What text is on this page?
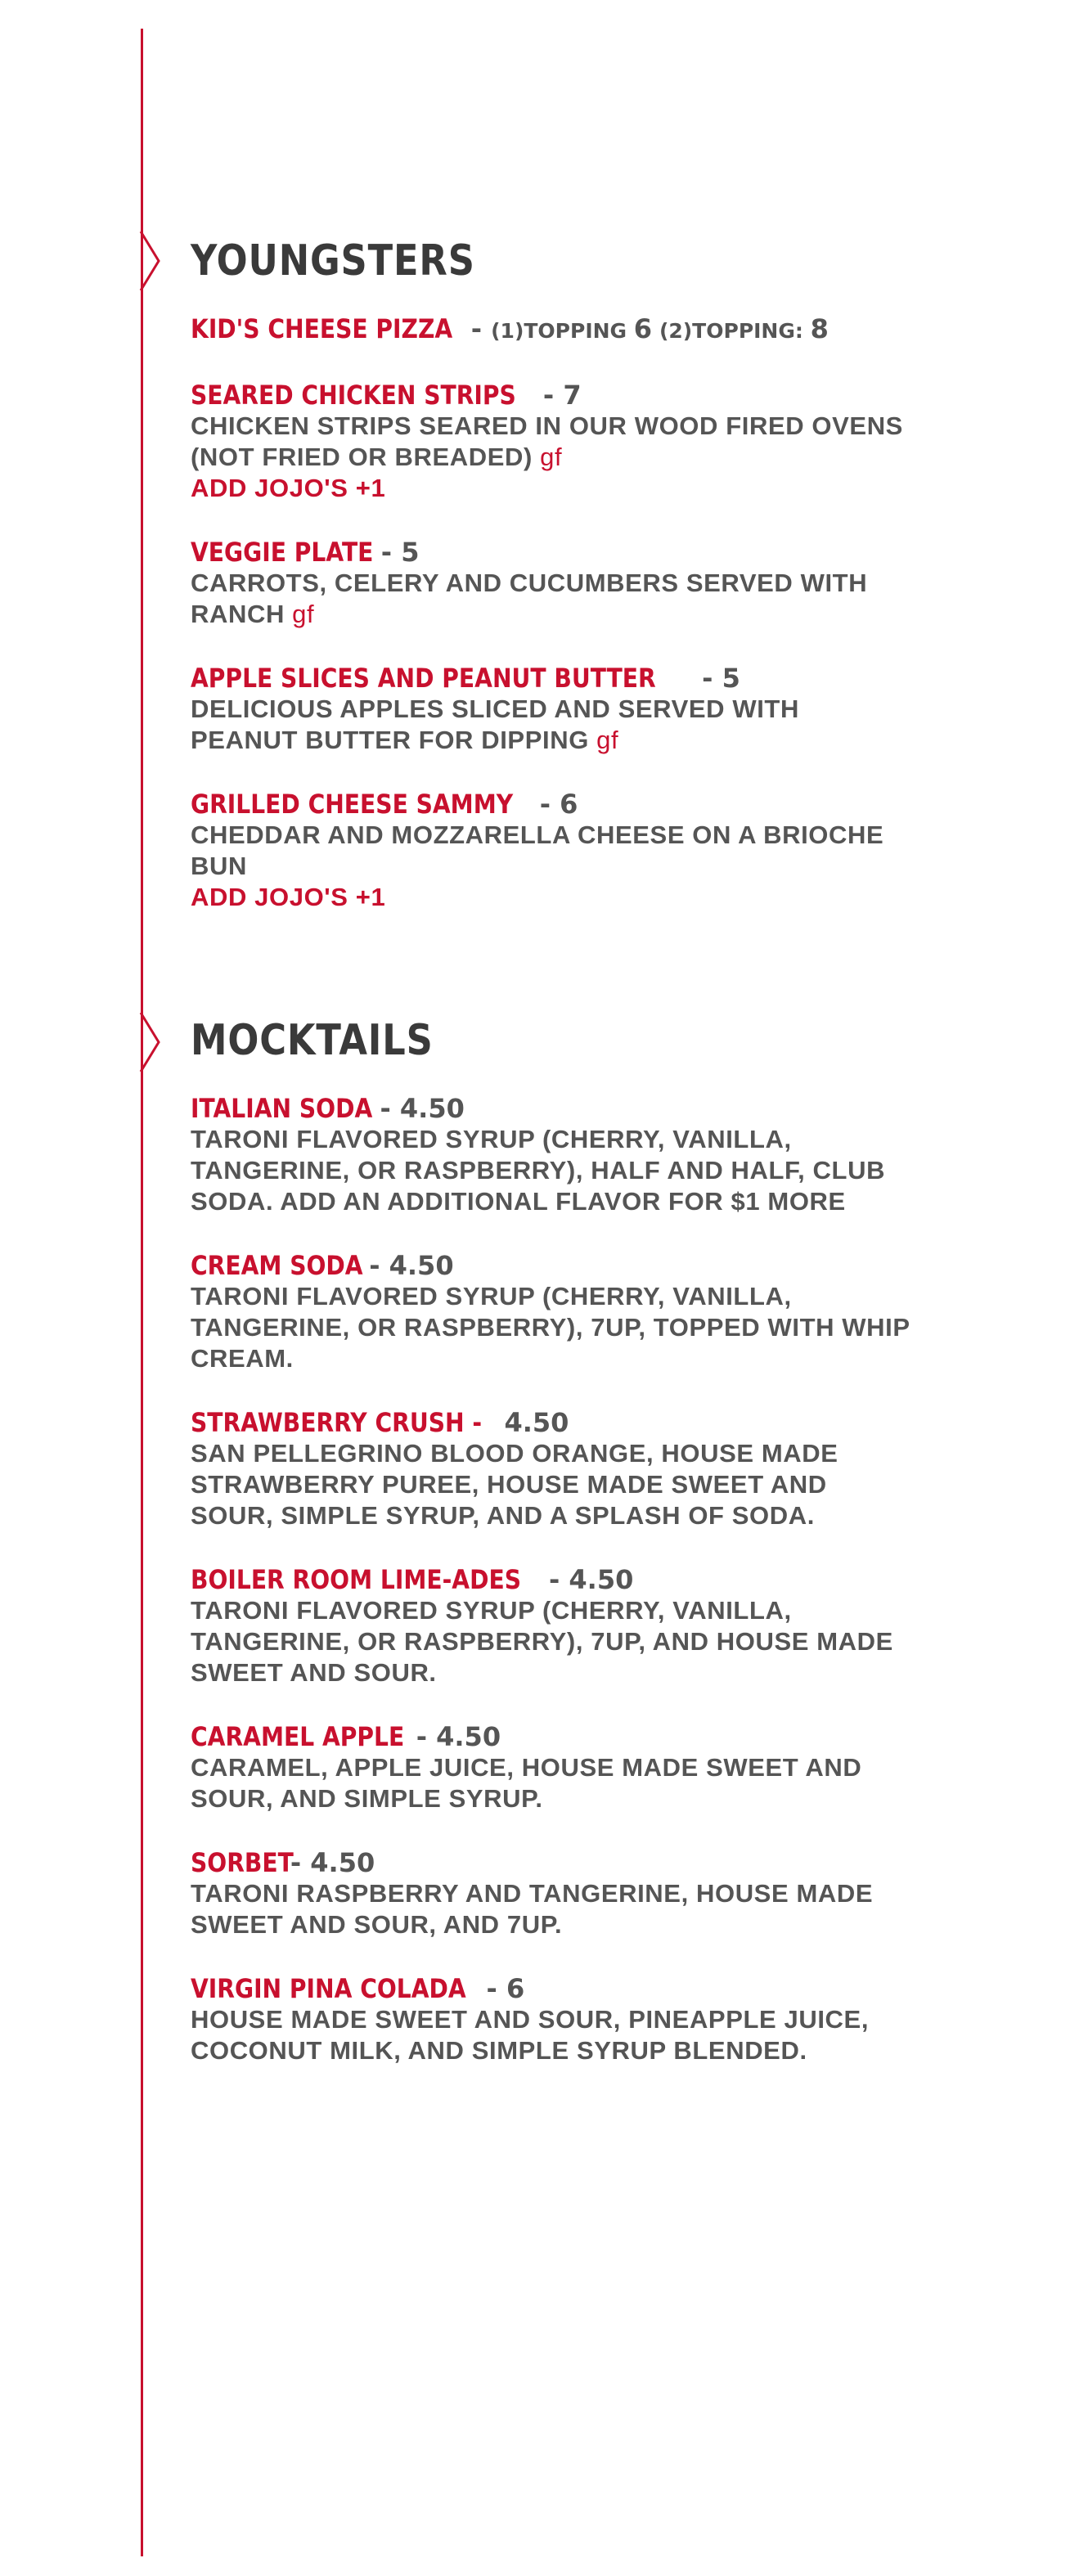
YOUNGSTERS
KID'S CHEESE PIZZA - (1)TOPPING 6 (2)TOPPING: 8
SEARED CHICKEN STRIPS - 7
CHICKEN STRIPS SEARED IN OUR WOOD FIRED OVENS (NOT FRIED OR BREADED) gf
ADD JOJO'S +1
VEGGIE PLATE - 5
CARROTS, CELERY AND CUCUMBERS SERVED WITH RANCH gf
APPLE SLICES AND PEANUT BUTTER - 5
DELICIOUS APPLES SLICED AND SERVED WITH PEANUT BUTTER FOR DIPPING gf
GRILLED CHEESE SAMMY - 6
CHEDDAR AND MOZZARELLA CHEESE ON A BRIOCHE BUN
ADD JOJO'S +1
MOCKTAILS
ITALIAN SODA - 4.50
TARONI FLAVORED SYRUP (CHERRY, VANILLA, TANGERINE, OR RASPBERRY), HALF AND HALF, CLUB SODA. ADD AN ADDITIONAL FLAVOR FOR $1 MORE
CREAM SODA - 4.50
TARONI FLAVORED SYRUP (CHERRY, VANILLA, TANGERINE, OR RASPBERRY), 7UP, TOPPED WITH WHIP CREAM.
STRAWBERRY CRUSH - 4.50
SAN PELLEGRINO BLOOD ORANGE, HOUSE MADE STRAWBERRY PUREE, HOUSE MADE SWEET AND SOUR, SIMPLE SYRUP, AND A SPLASH OF SODA.
BOILER ROOM LIME-ADES - 4.50
TARONI FLAVORED SYRUP (CHERRY, VANILLA, TANGERINE, OR RASPBERRY), 7UP, AND HOUSE MADE SWEET AND SOUR.
CARAMEL APPLE - 4.50
CARAMEL, APPLE JUICE, HOUSE MADE SWEET AND SOUR, AND SIMPLE SYRUP.
SORBET - 4.50
TARONI RASPBERRY AND TANGERINE, HOUSE MADE SWEET AND SOUR, AND 7UP.
VIRGIN PINA COLADA - 6
HOUSE MADE SWEET AND SOUR, PINEAPPLE JUICE, COCONUT MILK, AND SIMPLE SYRUP BLENDED.
